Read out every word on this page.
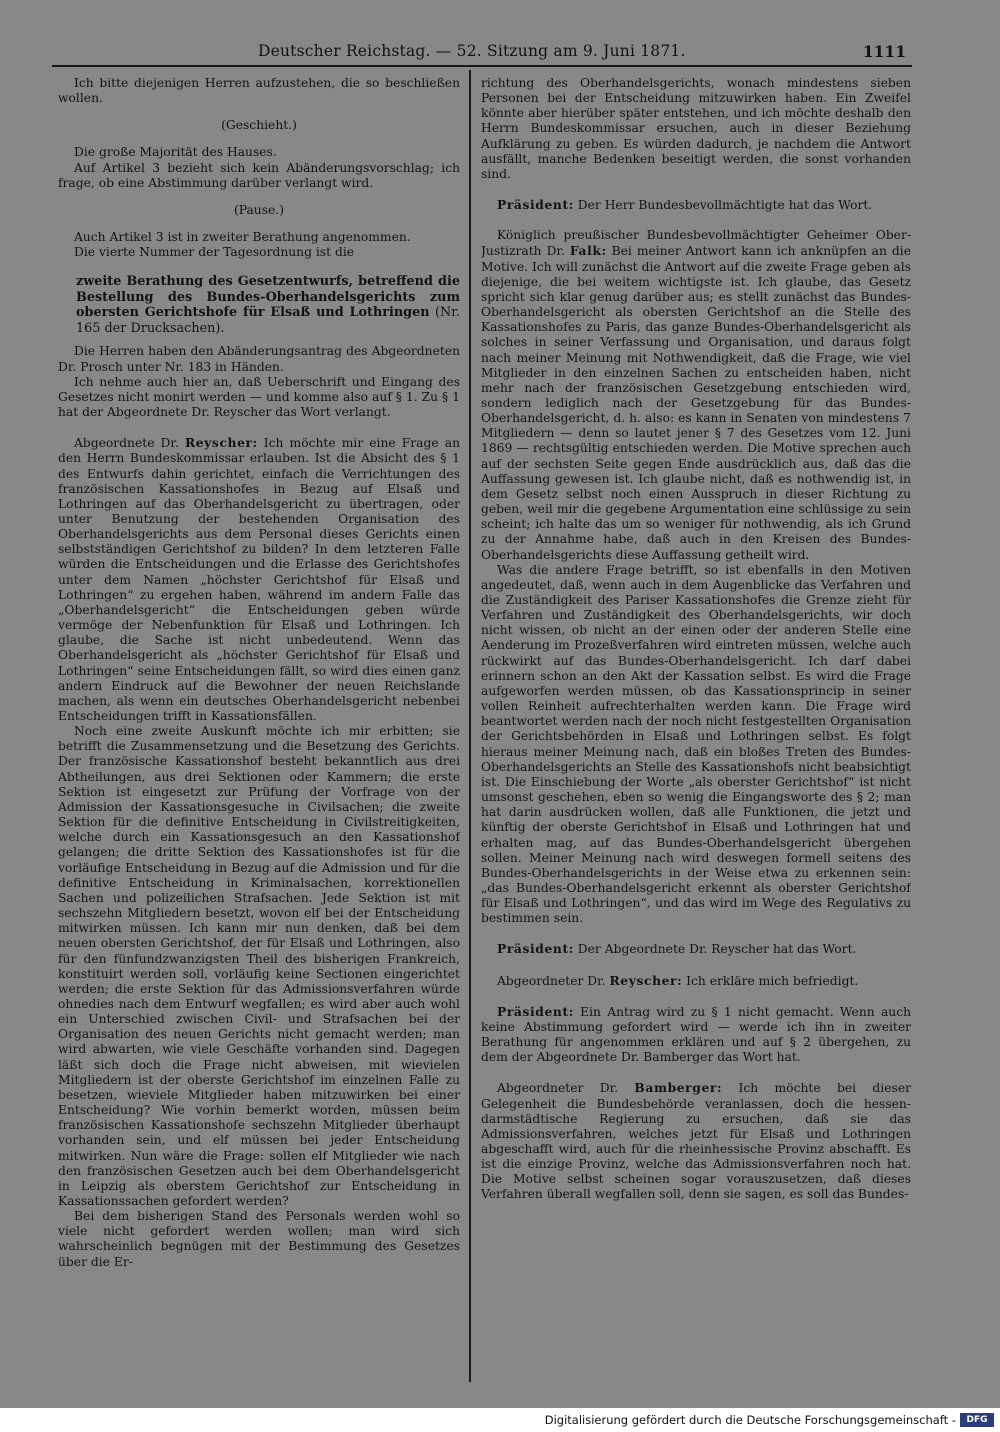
Deutscher Reichstag. — 52. Sitzung am 9. Juni 1871.	1111

Ich bitte diejenigen Herren aufzustehen, die so beschließen wollen.

(Geschieht.)

Die große Majorität des Hauses.

Auf Artikel 3 bezieht sich kein Abänderungsvorschlag; ich frage, ob eine Abstimmung darüber verlangt wird.

(Pause.)

Auch Artikel 3 ist in zweiter Berathung angenommen.

Die vierte Nummer der Tagesordnung ist die

zweite Berathung des Gesetzentwurfs, betreffend die Bestellung des Bundes-Oberhandelsgerichts zum obersten Gerichtshofe für Elsaß und Lothringen (Nr. 165 der Drucksachen).

Die Herren haben den Abänderungsantrag des Abgeordneten Dr. Prosch unter Nr. 183 in Händen.

Ich nehme auch hier an, daß Ueberschrift und Eingang des Gesetzes nicht monirt werden — und komme also auf § 1. Zu § 1 hat der Abgeordnete Dr. Reyscher das Wort verlangt.

Abgeordnete Dr. Reyscher: Ich möchte mir eine Frage an den Herrn Bundeskommissar erlauben. Ist die Absicht des § 1 des Entwurfs dahin gerichtet, einfach die Verrichtungen des französischen Kassationshofes in Bezug auf Elsaß und Lothringen auf das Oberhandelsgericht zu übertragen, oder unter Benutzung der bestehenden Organisation des Oberhandelsgerichts aus dem Personal dieses Gerichts einen selbstständigen Gerichtshof zu bilden? In dem letzteren Falle würden die Entscheidungen und die Erlasse des Gerichtshofes unter dem Namen „höchster Gerichtshof für Elsaß und Lothringen“ zu ergehen haben, während im andern Falle das „Oberhandelsgericht“ die Entscheidungen geben würde vermöge der Nebenfunktion für Elsaß und Lothringen. Ich glaube, die Sache ist nicht unbedeutend. Wenn das Oberhandelsgericht als „höchster Gerichtshof für Elsaß und Lothringen“ seine Entscheidungen fällt, so wird dies einen ganz andern Eindruck auf die Bewohner der neuen Reichslande machen, als wenn ein deutsches Oberhandelsgericht nebenbei Entscheidungen trifft in Kassationsfällen.

Noch eine zweite Auskunft möchte ich mir erbitten; sie betrifft die Zusammensetzung und die Besetzung des Gerichts. Der französische Kassationshof besteht bekanntlich aus drei Abtheilungen, aus drei Sektionen oder Kammern; die erste Sektion ist eingesetzt zur Prüfung der Vorfrage von der Admission der Kassationsgesuche in Civilsachen; die zweite Sektion für die definitive Entscheidung in Civilstreitigkeiten, welche durch ein Kassationsgesuch an den Kassationshof gelangen; die dritte Sektion des Kassationshofes ist für die vorläufige Entscheidung in Bezug auf die Admission und für die definitive Entscheidung in Kriminalsachen, korrektionellen Sachen und polizeilichen Strafsachen. Jede Sektion ist mit sechszehn Mitgliedern besetzt, wovon elf bei der Entscheidung mitwirken müssen. Ich kann mir nun denken, daß bei dem neuen obersten Gerichtshof, der für Elsaß und Lothringen, also für den fünfundzwanzigsten Theil des bisherigen Frankreich, konstituirt werden soll, vorläufig keine Sectionen eingerichtet werden; die erste Sektion für das Admissionsverfahren würde ohnedies nach dem Entwurf wegfallen; es wird aber auch wohl ein Unterschied zwischen Civil- und Strafsachen bei der Organisation des neuen Gerichts nicht gemacht werden; man wird abwarten, wie viele Geschäfte vorhanden sind. Dagegen läßt sich doch die Frage nicht abweisen, mit wievielen Mitgliedern ist der oberste Gerichtshof im einzelnen Falle zu besetzen, wieviele Mitglieder haben mitzuwirken bei einer Entscheidung? Wie vorhin bemerkt worden, müssen beim französischen Kassationshofe sechszehn Mitglieder überhaupt vorhanden sein, und elf müssen bei jeder Entscheidung mitwirken. Nun wäre die Frage: sollen elf Mitglieder wie nach den französischen Gesetzen auch bei dem Oberhandelsgericht in Leipzig als oberstem Gerichtshof zur Entscheidung in Kassationssachen gefordert werden?

Bei dem bisherigen Stand des Personals werden wohl so viele nicht gefordert werden wollen; man wird sich wahrscheinlich begnügen mit der Bestimmung des Gesetzes über die Er-

richtung des Oberhandelsgerichts, wonach mindestens sieben Personen bei der Entscheidung mitzuwirken haben. Ein Zweifel könnte aber hierüber später entstehen, und ich möchte deshalb den Herrn Bundeskommissar ersuchen, auch in dieser Beziehung Aufklärung zu geben. Es würden dadurch, je nachdem die Antwort ausfällt, manche Bedenken beseitigt werden, die sonst vorhanden sind.

Präsident: Der Herr Bundesbevollmächtigte hat das Wort.

Königlich preußischer Bundesbevollmächtigter Geheimer Ober-Justizrath Dr. Falk: Bei meiner Antwort kann ich anknüpfen an die Motive. Ich will zunächst die Antwort auf die zweite Frage geben als diejenige, die bei weitem wichtigste ist. Ich glaube, das Gesetz spricht sich klar genug darüber aus; es stellt zunächst das Bundes-Oberhandelsgericht als obersten Gerichtshof an die Stelle des Kassationshofes zu Paris, das ganze Bundes-Oberhandelsgericht als solches in seiner Verfassung und Organisation, und daraus folgt nach meiner Meinung mit Nothwendigkeit, daß die Frage, wie viel Mitglieder in den einzelnen Sachen zu entscheiden haben, nicht mehr nach der französischen Gesetzgebung entschieden wird, sondern lediglich nach der Gesetzgebung für das Bundes-Oberhandelsgericht, d. h. also: es kann in Senaten von mindestens 7 Mitgliedern — denn so lautet jener § 7 des Gesetzes vom 12. Juni 1869 — rechtsgültig entschieden werden. Die Motive sprechen auch auf der sechsten Seite gegen Ende ausdrücklich aus, daß das die Auffassung gewesen ist. Ich glaube nicht, daß es nothwendig ist, in dem Gesetz selbst noch einen Ausspruch in dieser Richtung zu geben, weil mir die gegebene Argumentation eine schlüssige zu sein scheint; ich halte das um so weniger für nothwendig, als ich Grund zu der Annahme habe, daß auch in den Kreisen des Bundes-Oberhandelsgerichts diese Auffassung getheilt wird.

Was die andere Frage betrifft, so ist ebenfalls in den Motiven angedeutet, daß, wenn auch in dem Augenblicke das Verfahren und die Zuständigkeit des Pariser Kassationshofes die Grenze zieht für Verfahren und Zuständigkeit des Oberhandelsgerichts, wir doch nicht wissen, ob nicht an der einen oder der anderen Stelle eine Aenderung im Prozeßverfahren wird eintreten müssen, welche auch rückwirkt auf das Bundes-Oberhandelsgericht. Ich darf dabei erinnern schon an den Akt der Kassation selbst. Es wird die Frage aufgeworfen werden müssen, ob das Kassationsprincip in seiner vollen Reinheit aufrechterhalten werden kann. Die Frage wird beantwortet werden nach der noch nicht festgestellten Organisation der Gerichtsbehörden in Elsaß und Lothringen selbst. Es folgt hieraus meiner Meinung nach, daß ein bloßes Treten des Bundes-Oberhandelsgerichts an Stelle des Kassationshofs nicht beabsichtigt ist. Die Einschiebung der Worte „als oberster Gerichtshof“ ist nicht umsonst geschehen, eben so wenig die Eingangsworte des § 2; man hat darin ausdrücken wollen, daß alle Funktionen, die jetzt und künftig der oberste Gerichtshof in Elsaß und Lothringen hat und erhalten mag, auf das Bundes-Oberhandelsgericht übergehen sollen. Meiner Meinung nach wird deswegen formell seitens des Bundes-Oberhandelsgerichts in der Weise etwa zu erkennen sein: „das Bundes-Oberhandelsgericht erkennt als oberster Gerichtshof für Elsaß und Lothringen“, und das wird im Wege des Regulativs zu bestimmen sein.

Präsident: Der Abgeordnete Dr. Reyscher hat das Wort.

Abgeordneter Dr. Reyscher: Ich erkläre mich befriedigt.

Präsident: Ein Antrag wird zu § 1 nicht gemacht. Wenn auch keine Abstimmung gefordert wird — werde ich ihn in zweiter Berathung für angenommen erklären und auf § 2 übergehen, zu dem der Abgeordnete Dr. Bamberger das Wort hat.

Abgeordneter Dr. Bamberger: Ich möchte bei dieser Gelegenheit die Bundesbehörde veranlassen, doch die hessen-darmstädtische Regierung zu ersuchen, daß sie das Admissionsverfahren, welches jetzt für Elsaß und Lothringen abgeschafft wird, auch für die rheinhessische Provinz abschafft. Es ist die einzige Provinz, welche das Admissionsverfahren noch hat. Die Motive selbst scheinen sogar vorauszusetzen, daß dieses Verfahren überall wegfallen soll, denn sie sagen, es soll das Bundes-

Digitalisierung gefördert durch die Deutsche Forschungsgemeinschaft -	DFG
